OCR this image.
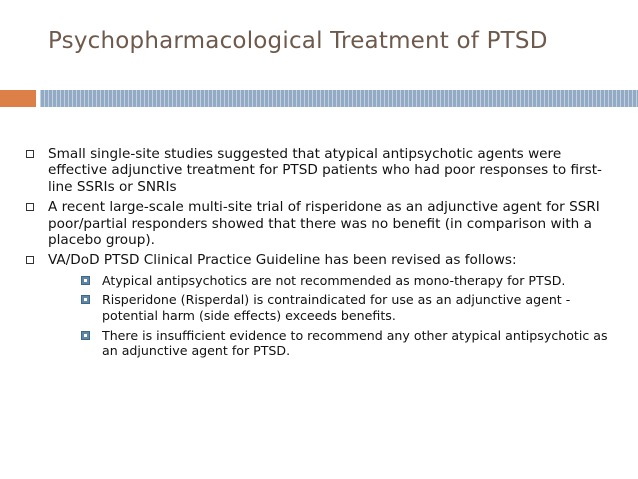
Psychopharmacological Treatment of PTSD
Small single-site studies suggested that atypical antipsychotic agents were effective adjunctive treatment for PTSD patients who had poor responses to first-line SSRIs or SNRIs
A recent large-scale multi-site trial of risperidone as an adjunctive agent for SSRI poor/partial responders showed that there was no benefit (in comparison with a placebo group).
VA/DoD PTSD Clinical Practice Guideline has been revised as follows:
Atypical antipsychotics are not recommended as mono-therapy for PTSD.
Risperidone (Risperdal) is contraindicated for use as an adjunctive agent - potential harm (side effects) exceeds benefits.
There is insufficient evidence to recommend any other atypical antipsychotic as an adjunctive agent for PTSD.
